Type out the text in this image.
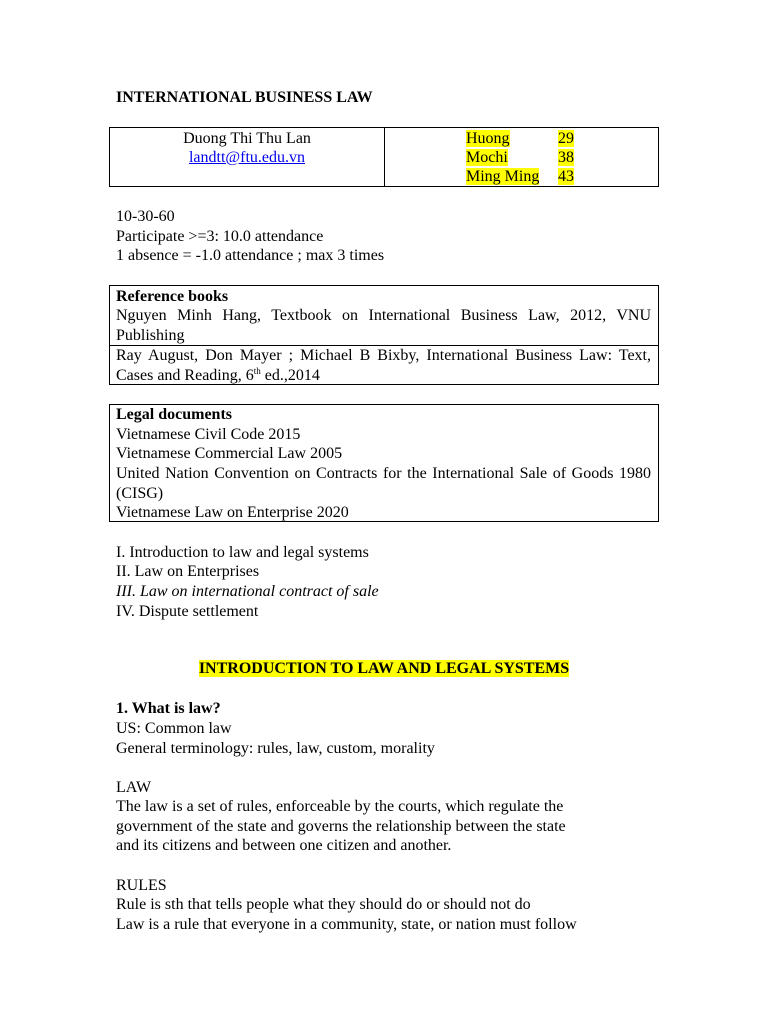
INTERNATIONAL BUSINESS LAW
Duong Thi Thu Lan
landtt@ftu.edu.vn
Huong	29
Mochi	38
Ming Ming 43
10-30-60
Participate >=3: 10.0 attendance
1 absence = -1.0 attendance ; max 3 times
Reference books
Nguyen Minh Hang, Textbook on International Business Law, 2012, VNU Publishing
Ray August, Don Mayer ; Michael B Bixby, International Business Law: Text, Cases and Reading, 6th ed.,2014
Legal documents
Vietnamese Civil Code 2015
Vietnamese Commercial Law 2005
United Nation Convention on Contracts for the International Sale of Goods 1980 (CISG)
Vietnamese Law on Enterprise 2020
I. Introduction to law and legal systems
II. Law on Enterprises
III. Law on international contract of sale
IV. Dispute settlement
INTRODUCTION TO LAW AND LEGAL SYSTEMS
1. What is law?
US: Common law
General terminology: rules, law, custom, morality
LAW
The law is a set of rules, enforceable by the courts, which regulate the
government of the state and governs the relationship between the state
and its citizens and between one citizen and another.
RULES
Rule is sth that tells people what they should do or should not do
Law is a rule that everyone in a community, state, or nation must follow
